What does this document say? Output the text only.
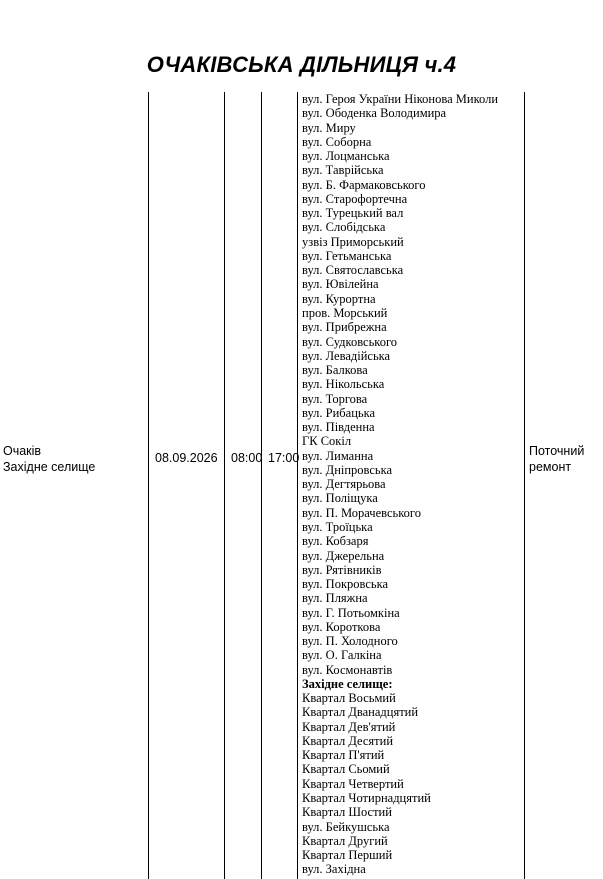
ОЧАКІВСЬКА ДІЛЬНИЦЯ ч.4
Очаків
Західне селище
08.09.2026 08:00 17:00	Поточний
ремонт
вул. Героя України Ніконова Миколи
вул. Ободенка Володимира
вул. Миру
вул. Соборна
вул. Лоцманська
вул. Таврійська
вул. Б. Фармаковського
вул. Старофортечна
вул. Турецький вал
вул. Слобідська
узвіз Приморський
вул. Гетьманська
вул. Святославська
вул. Ювілейна
вул. Курортна
пров. Морський
вул. Прибрежна
вул. Судковського
вул. Левадійська
вул. Балкова
вул. Нікольська
вул. Торгова
вул. Рибацька
вул. Південна
ГК Сокіл
вул. Лиманна
вул. Дніпровська
вул. Дегтярьова
вул. Поліщука
вул. П. Морачевського
вул. Троїцька
вул. Кобзаря
вул. Джерельна
вул. Рятівників
вул. Покровська
вул. Пляжна
вул. Г. Потьомкіна
вул. Короткова
вул. П. Холодного
вул. О. Галкіна
вул. Космонавтів
Західне селище:
Квартал Восьмий
Квартал Дванадцятий
Квартал Дев'ятий
Квартал Десятий
Квартал П'ятий
Квартал Сьомий
Квартал Четвертий
Квартал Чотирнадцятий
Квартал Шостий
вул. Бейкушська
Квартал Другий
Квартал Перший
вул. Західна
